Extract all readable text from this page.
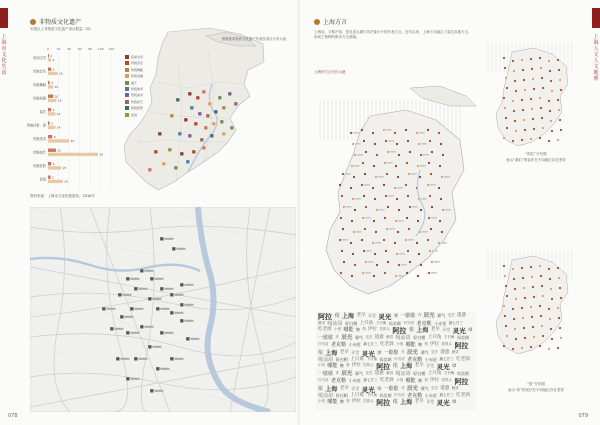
上海市 文化生活
非物质文化遗产
市级以上非物质文化遗产项目数量（项）
0	20 40 60 80 100 120
民间文学
2
6
传统音乐
6
18
传统舞蹈
3
10
传统戏剧
10
16
曲艺
6
14
传统体育、游
3
14
传统美术
8
40
传统技艺
15
95
传统医药
6
25
民俗
5
28
资料来源：上海市文化和旅游局，2018年
国家级非物质文化遗产代表性项目分布示意
民间文学
传统音乐
传统舞蹈
传统戏剧
曲艺
传统体育
传统美术
传统技艺
传统医药
民俗
078
上海人文 人文地理
上海方言
上海话，又称沪语，是吴语太湖片苏沪嘉小片的代表方言。近代以来，上海方言融合了周边各地方言，形成了独特的都市方言面貌。
上海市方言分区示意
阿拉 侬 上海 老早 弄堂 灵光 嗲 一歇歇 作 辰光 邪气 交关 适意
瞎讲 嘎讪胡 好白相 上只角 下只角 捣浆糊 拎勿清 老克勒 小赤佬 搞七廿三
吃老酒 小囡 哪能 覅 勿 伊拉 捏鼻头 阿拉 侬 上海 老早 弄堂 灵光 嗲
一歇歇 作 辰光 邪气 交关 适意 瞎讲 嘎讪胡 好白相 上只角 下只角 捣浆糊
拎勿清 老克勒 小赤佬 搞七廿三 吃老酒 小囡 哪能 覅 勿 伊拉 捏鼻头 阿拉
侬 上海 老早 弄堂 灵光 嗲 一歇歇 作 辰光 邪气 交关 适意 瞎讲
嘎讪胡 好白相 上只角 下只角 捣浆糊 拎勿清 老克勒 小赤佬 搞七廿三 吃老酒
小囡 哪能 覅 勿 伊拉 捏鼻头 阿拉 侬 上海 老早 弄堂 灵光 嗲
一歇歇 作 辰光 邪气 交关 适意 瞎讲 嘎讪胡 好白相 上只角 下只角 捣浆糊
拎勿清 老克勒 小赤佬 搞七廿三 吃老酒 小囡 哪能 覅 勿 伊拉 捏鼻头 阿拉
侬 上海 老早 弄堂 灵光 嗲 一歇歇 作 辰光 邪气 交关 适意 瞎讲
嘎讪胡 好白相 上只角 下只角 捣浆糊 拎勿清 老克勒 小赤佬 搞七廿三 吃老酒
小囡 哪能 覅 勿 伊拉 捏鼻头 阿拉 侬 上海 老早 弄堂 灵光 嗲
“阿拉”分布图
表示“我们”的说法在不同地区存在差异
“侬”分布图
表示“你”的说法在不同地区存在差异
079
